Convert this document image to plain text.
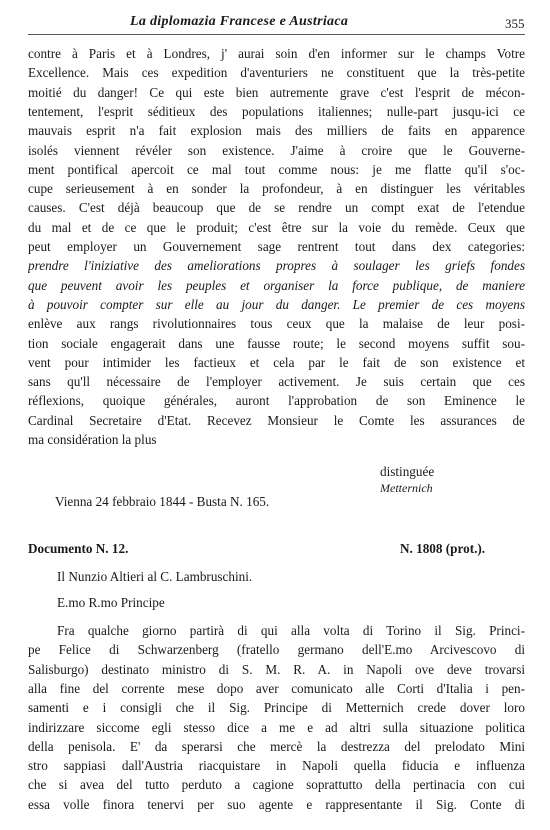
La diplomazia Francese e Austriaca	355
contre à Paris et à Londres, j' aurai soin d'en informer sur le champs Votre
Excellence. Mais ces expedition d'aventuriers ne constituent que la très-petite
moitié du danger! Ce qui este bien autremente grave c'est l'esprit de mécon-
tentement, l'esprit séditieux des populations italiennes; nulle-part jusqu-ici ce
mauvais esprit n'a fait explosion mais des milliers de faits en apparence
isolés viennent révéler son existence. J'aime à croire que le Gouverne-
ment pontifical apercoit ce mal tout comme nous: je me flatte qu'il s'oc-
cupe serieusement à en sonder la profondeur, à en distinguer les véritables
causes. C'est déjà beaucoup que de se rendre un compt exat de l'etendue
du mal et de ce que le produit; c'est être sur la voie du remède. Ceux que
peut employer un Gouvernement sage rentrent tout dans dex categories:
prendre l'iniziative des ameliorations propres à soulager les griefs fondes
que peuvent avoir les peuples et organiser la force publique, de maniere
à pouvoir compter sur elle au jour du danger. Le premier de ces moyens
enlève aux rangs rivolutionnaires tous ceux que la malaise de leur posi-
tion sociale engagerait dans une fausse route; le second moyens suffit sou-
vent pour intimider les factieux et cela par le fait de son existence et
sans qu'll nécessaire de l'employer activement. Je suis certain que ces
réflexions, quoique générales, auront l'approbation de son Eminence le
Cardinal Secretaire d'Etat. Recevez Monsieur le Comte les assurances de
ma considération la plus
distinguée
Metternich
Vienna 24 febbraio 1844 - Busta N. 165.
Documento N. 12.	N. 1808 (prot.).
Il Nunzio Altieri al C. Lambruschini.
E.mo R.mo Principe
Fra qualche giorno partirà di qui alla volta di Torino il Sig. Princi-
pe Felice di Schwarzenberg (fratello germano dell'E.mo Arcivescovo di
Salisburgo) destinato ministro di S. M. R. A. in Napoli ove deve trovarsi
alla fine del corrente mese dopo aver comunicato alle Corti d'Italia i pen-
samenti e i consigli che il Sig. Principe di Metternich crede dover loro
indirizzare siccome egli stesso dice a me e ad altri sulla situazione politica
della penisola. E' da sperarsi che mercè la destrezza del prelodato Mini
stro sappiasi dall'Austria riacquistare in Napoli quella fiducia e influenza
che si avea del tutto perduto a cagione soprattutto della pertinacia con cui
essa volle finora tenervi per suo agente e rappresentante il Sig. Conte di
